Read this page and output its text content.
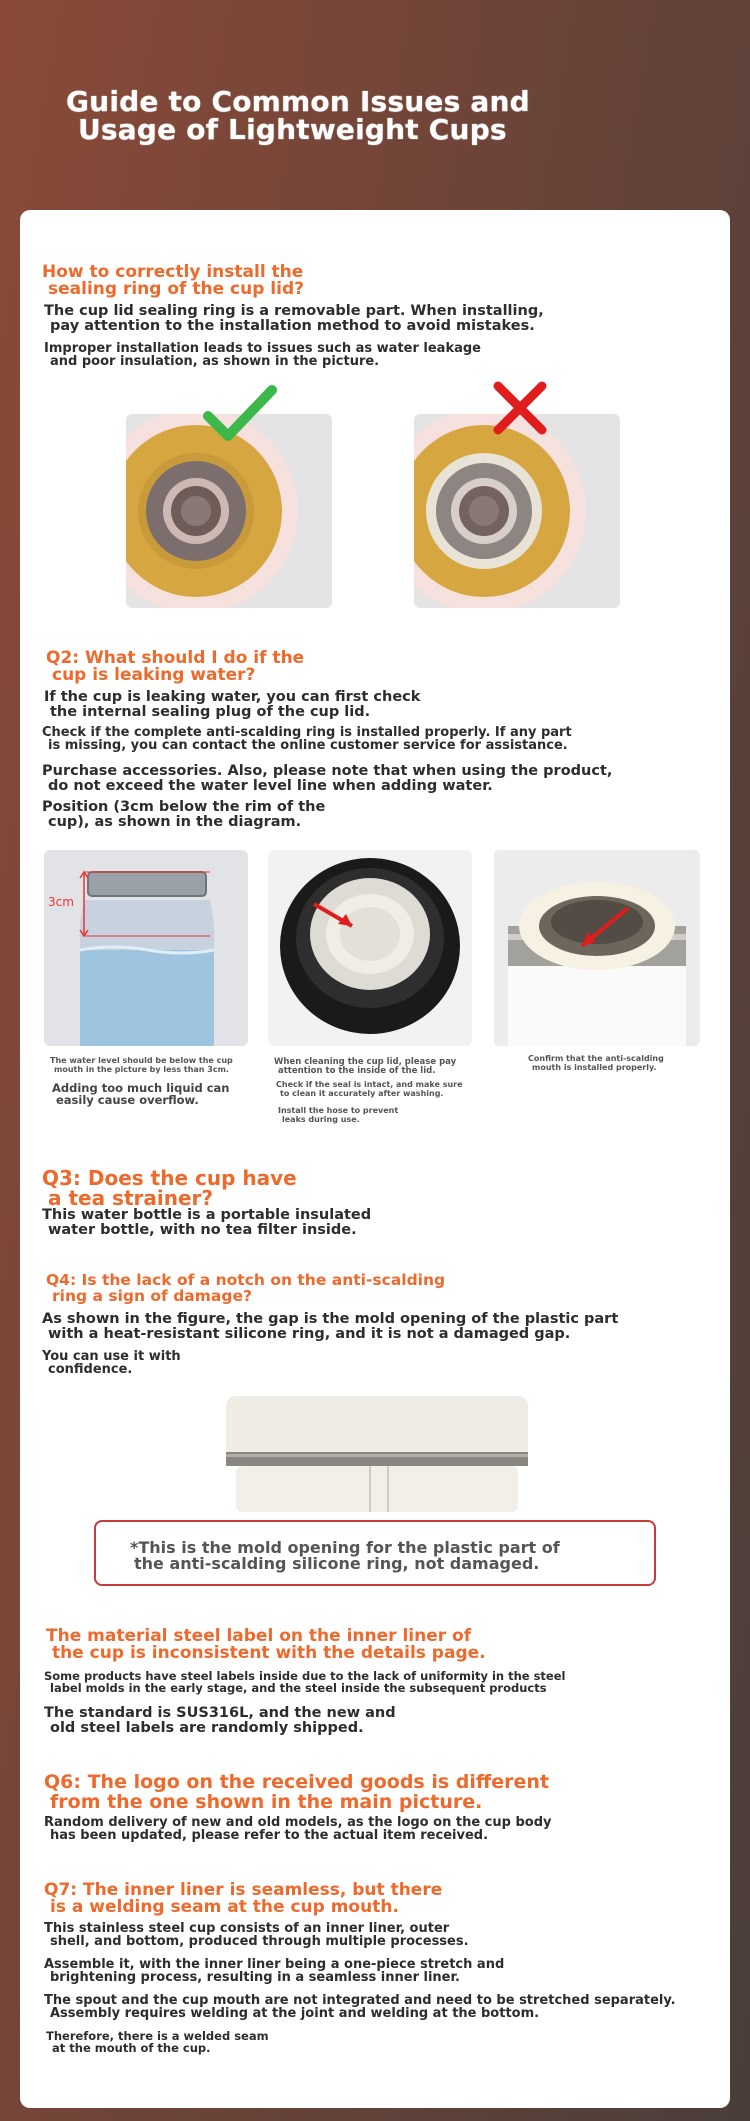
Guide to Common Issues and
Usage of Lightweight Cups
How to correctly install the
sealing ring of the cup lid?

The cup lid sealing ring is a removable part. When installing,
pay attention to the installation method to avoid mistakes.

Improper installation leads to issues such as water leakage
and poor insulation, as shown in the picture.

Q2: What should I do if the
cup is leaking water?

If the cup is leaking water, you can first check
the internal sealing plug of the cup lid.

Check if the complete anti-scalding ring is installed properly. If any part
is missing, you can contact the online customer service for assistance.

Purchase accessories. Also, please note that when using the product,
do not exceed the water level line when adding water.

Position (3cm below the rim of the
cup), as shown in the diagram.

3cm

The water level should be below the cup
mouth in the picture by less than 3cm.

Adding too much liquid can
easily cause overflow.

When cleaning the cup lid, please pay
attention to the inside of the lid.

Check if the seal is intact, and make sure
to clean it accurately after washing.

Install the hose to prevent
leaks during use.

Confirm that the anti-scalding
mouth is installed properly.

Q3: Does the cup have
a tea strainer?

This water bottle is a portable insulated
water bottle, with no tea filter inside.

Q4: Is the lack of a notch on the anti-scalding
ring a sign of damage?

As shown in the figure, the gap is the mold opening of the plastic part
with a heat-resistant silicone ring, and it is not a damaged gap.

You can use it with
confidence.

*This is the mold opening for the plastic part of
the anti-scalding silicone ring, not damaged.

The material steel label on the inner liner of
the cup is inconsistent with the details page.

Some products have steel labels inside due to the lack of uniformity in the steel
label molds in the early stage, and the steel inside the subsequent products

The standard is SUS316L, and the new and
old steel labels are randomly shipped.

Q6: The logo on the received goods is different
from the one shown in the main picture.

Random delivery of new and old models, as the logo on the cup body
has been updated, please refer to the actual item received.

Q7: The inner liner is seamless, but there
is a welding seam at the cup mouth.

This stainless steel cup consists of an inner liner, outer
shell, and bottom, produced through multiple processes.

Assemble it, with the inner liner being a one-piece stretch and
brightening process, resulting in a seamless inner liner.

The spout and the cup mouth are not integrated and need to be stretched separately.
Assembly requires welding at the joint and welding at the bottom.

Therefore, there is a welded seam
at the mouth of the cup.
